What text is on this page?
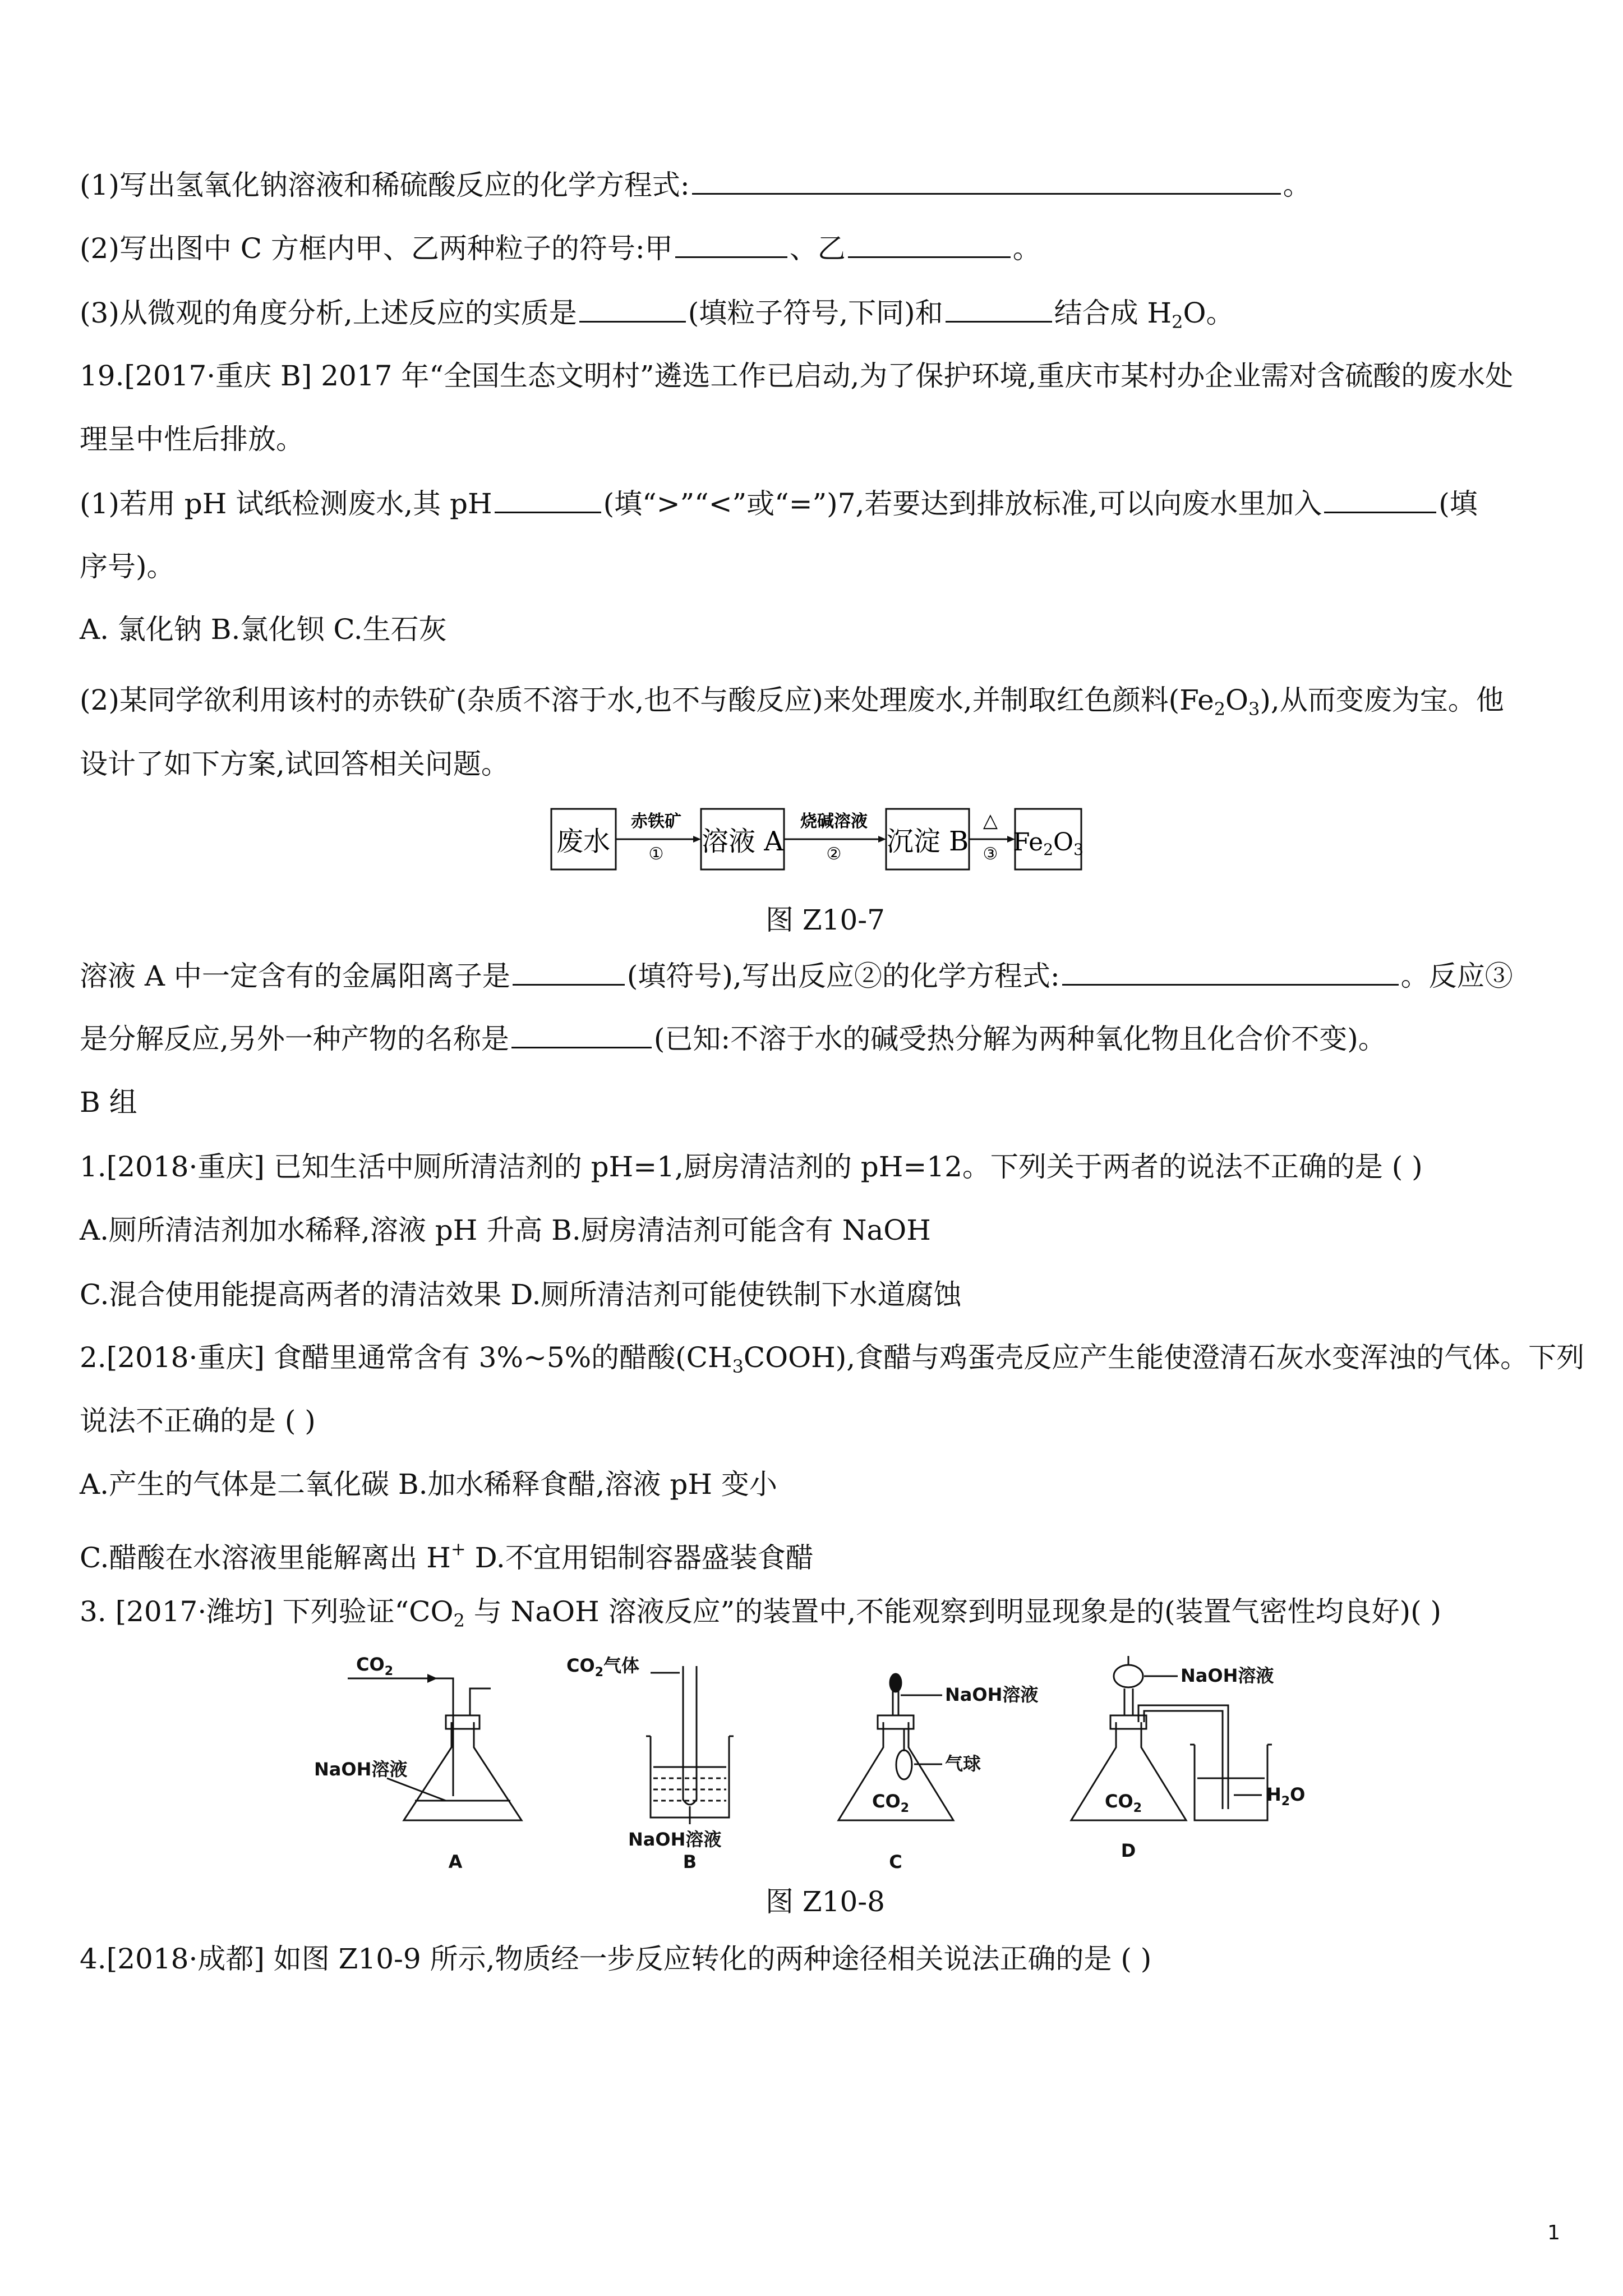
(1)写出氢氧化钠溶液和稀硫酸反应的化学方程式:	。
(2)写出图中 C 方框内甲、乙两种粒子的符号:甲	、乙	。
(3)从微观的角度分析,上述反应的实质是	(填粒子符号,下同)和	结合成 $H_2O$。
19.[2017·重庆 B] 2017 年“全国生态文明村”遴选工作已启动,为了保护环境,重庆市某村办企业需对含硫酸的废水处
理呈中性后排放。
(1)若用 pH 试纸检测废水,其 pH	(填“>”“<”或“=”)7,若要达到排放标准,可以向废水里加入	(填
序号)。
A. 氯化钠 B.氯化钡 C.生石灰
(2)某同学欲利用该村的赤铁矿(杂质不溶于水,也不与酸反应)来处理废水,并制取红色颜料$(Fe_2O_3)$,从而变废为宝。他
设计了如下方案,试回答相关问题。
废水
赤铁矿
① 溶液 A
烧碱溶液
② 沉淀 B
△
③ Fe2O3
图 Z10-7
溶液 A 中一定含有的金属阳离子是	(填符号),写出反应②的化学方程式:	。反应③
是分解反应,另外一种产物的名称是	(已知:不溶于水的碱受热分解为两种氧化物且化合价不变)。
B 组
1.[2018·重庆] 已知生活中厕所清洁剂的 pH=1,厨房清洁剂的 pH=12。下列关于两者的说法不正确的是 ( )
A.厕所清洁剂加水稀释,溶液 pH 升高 B.厨房清洁剂可能含有 NaOH
C.混合使用能提高两者的清洁效果 D.厕所清洁剂可能使铁制下水道腐蚀
2.[2018·重庆] 食醋里通常含有 3%~5%的醋酸$(CH_3COOH)$,食醋与鸡蛋壳反应产生能使澄清石灰水变浑浊的气体。下列
说法不正确的是 ( )
A.产生的气体是二氧化碳 B.加水稀释食醋,溶液 pH 变小
C.醋酸在水溶液里能解离出 H+ D.不宜用铝制容器盛装食醋
3. [2017·潍坊] 下列验证“$CO_2$ 与 NaOH 溶液反应”的装置中,不能观察到明显现象是的(装置气密性均良好)( )
$CO_2$
NaOH溶液
A
$CO_2$气体
NaOH溶液
B
NaOH溶液
气球
$CO_2$
C
NaOH溶液
$CO_2$
$H_2O$
D
图 Z10-8
4.[2018·成都] 如图 Z10-9 所示,物质经一步反应转化的两种途径相关说法正确的是 ( )
1
